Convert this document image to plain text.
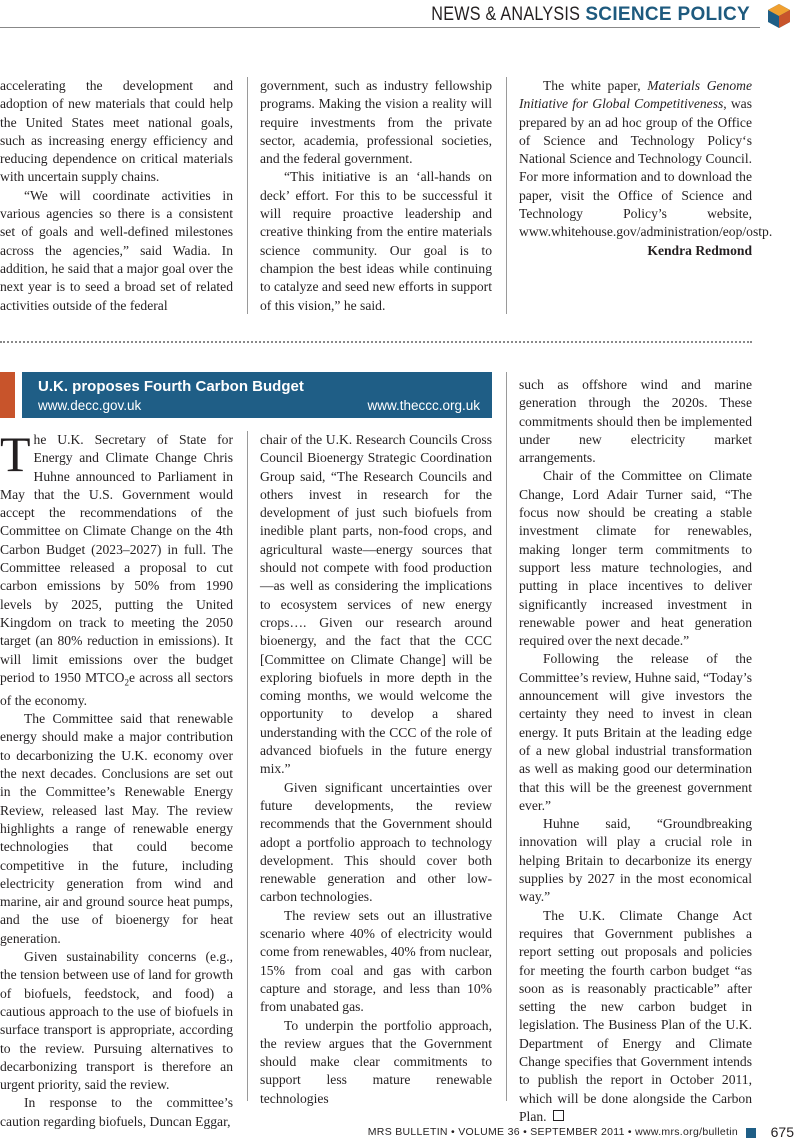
NEWS & ANALYSIS SCIENCE POLICY

accelerating the development and adoption of new materials that could help the United States meet national goals, such as increasing energy efficiency and reducing dependence on critical materials with uncertain supply chains.

“We will coordinate activities in various agencies so there is a consistent set of goals and well-defined milestones across the agencies,” said Wadia. In addition, he said that a major goal over the next year is to seed a broad set of related activities outside of the federal

government, such as industry fellowship programs. Making the vision a reality will require investments from the private sector, academia, professional societies, and the federal government.

“This initiative is an ‘all-hands on deck’ effort. For this to be successful it will require proactive leadership and creative thinking from the entire materials science community. Our goal is to champion the best ideas while continuing to catalyze and seed new efforts in support of this vision,” he said.

The white paper, Materials Genome Initiative for Global Competitiveness, was prepared by an ad hoc group of the Office of Science and Technology Policy‘s National Science and Technology Council. For more information and to download the paper, visit the Office of Science and Technology Policy’s website, www.whitehouse.gov/administration/eop/ostp.

Kendra Redmond

U.K. proposes Fourth Carbon Budget
www.decc.gov.uk	www.theccc.org.uk

The U.K. Secretary of State for Energy and Climate Change Chris Huhne announced to Parliament in May that the U.S. Government would accept the recommendations of the Committee on Climate Change on the 4th Carbon Budget (2023–2027) in full. The Committee released a proposal to cut carbon emissions by 50% from 1990 levels by 2025, putting the United Kingdom on track to meeting the 2050 target (an 80% reduction in emissions). It will limit emissions over the budget period to 1950 $MTCO_2e$ across all sectors of the economy.

The Committee said that renewable energy should make a major contribution to decarbonizing the U.K. economy over the next decades. Conclusions are set out in the Committee’s Renewable Energy Review, released last May. The review highlights a range of renewable energy technologies that could become competitive in the future, including electricity generation from wind and marine, air and ground source heat pumps, and the use of bioenergy for heat generation.

Given sustainability concerns (e.g., the tension between use of land for growth of biofuels, feedstock, and food) a cautious approach to the use of biofuels in surface transport is appropriate, according to the review. Pursuing alternatives to decarbonizing transport is therefore an urgent priority, said the review.

In response to the committee’s caution regarding biofuels, Duncan Eggar,

chair of the U.K. Research Councils Cross Council Bioenergy Strategic Coordination Group said, “The Research Councils and others invest in research for the development of just such biofuels from inedible plant parts, non-food crops, and agricultural waste—energy sources that should not compete with food production—as well as considering the implications to ecosystem services of new energy crops…. Given our research around bioenergy, and the fact that the CCC [Committee on Climate Change] will be exploring biofuels in more depth in the coming months, we would welcome the opportunity to develop a shared understanding with the CCC of the role of advanced biofuels in the future energy mix.”

Given significant uncertainties over future developments, the review recommends that the Government should adopt a portfolio approach to technology development. This should cover both renewable generation and other low-carbon technologies.

The review sets out an illustrative scenario where 40% of electricity would come from renewables, 40% from nuclear, 15% from coal and gas with carbon capture and storage, and less than 10% from unabated gas.

To underpin the portfolio approach, the review argues that the Government should make clear commitments to support less mature renewable technologies

such as offshore wind and marine generation through the 2020s. These commitments should then be implemented under new electricity market arrangements.

Chair of the Committee on Climate Change, Lord Adair Turner said, “The focus now should be creating a stable investment climate for renewables, making longer term commitments to support less mature technologies, and putting in place incentives to deliver significantly increased investment in renewable power and heat generation required over the next decade.”

Following the release of the Committee’s review, Huhne said, “Today’s announcement will give investors the certainty they need to invest in clean energy. It puts Britain at the leading edge of a new global industrial transformation as well as making good our determination that this will be the greenest government ever.”

Huhne said, “Groundbreaking innovation will play a crucial role in helping Britain to decarbonize its energy supplies by 2027 in the most economical way.”

The U.K. Climate Change Act requires that Government publishes a report setting out proposals and policies for meeting the fourth carbon budget “as soon as is reasonably practicable” after setting the new carbon budget in legislation. The Business Plan of the U.K. Department of Energy and Climate Change specifies that Government intends to publish the report in October 2011, which will be done alongside the Carbon Plan.

MRS BULLETIN • VOLUME 36 • SEPTEMBER 2011 • www.mrs.org/bulletin 675
